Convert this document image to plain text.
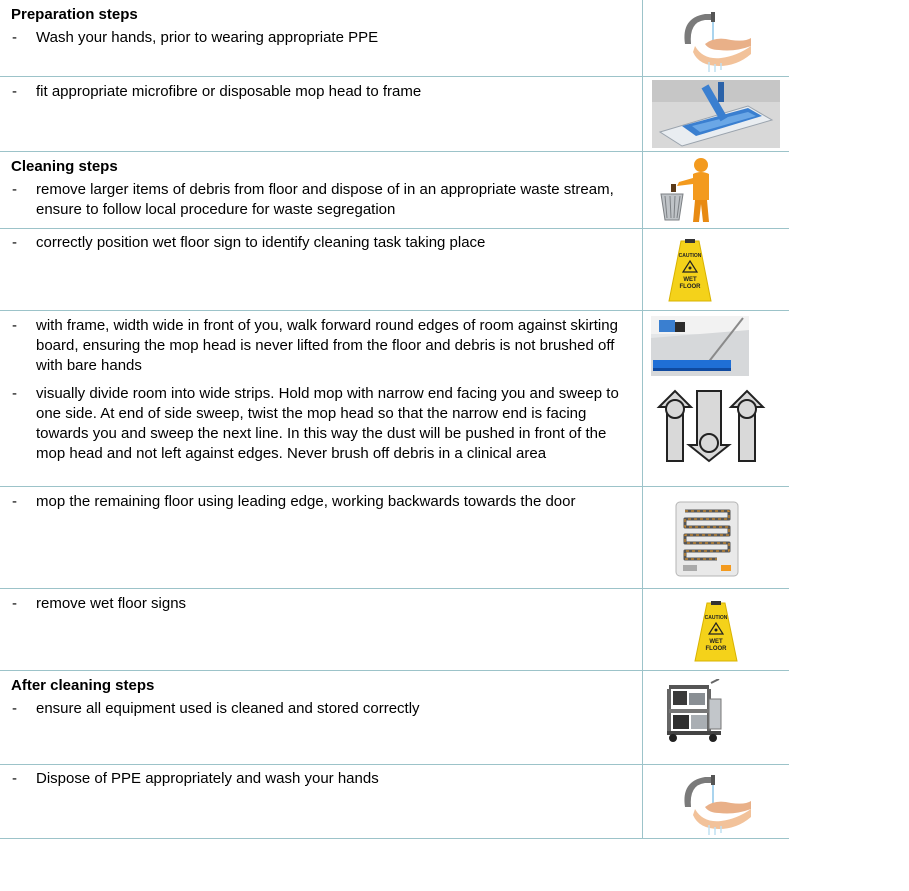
Preparation steps
- Wash your hands, prior to wearing appropriate PPE
- fit appropriate microfibre or disposable mop head to frame
Cleaning steps
- remove larger items of debris from floor and dispose of in an appropriate waste stream, ensure to follow local procedure for waste segregation
- correctly position wet floor sign to identify cleaning task taking place
CAUTION
WET
FLOOR
- with frame, width wide in front of you, walk forward round edges of room against skirting board, ensuring the mop head is never lifted from the floor and debris is not brushed off with bare hands
- visually divide room into wide strips. Hold mop with narrow end facing you and sweep to one side. At end of side sweep, twist the mop head so that the narrow end is facing towards you and sweep the next line. In this way the dust will be pushed in front of the mop head and not left against edges. Never brush off debris in a clinical area
- mop the remaining floor using leading edge, working backwards towards the door
- remove wet floor signs
CAUTION
WET
FLOOR
After cleaning steps
- ensure all equipment used is cleaned and stored correctly
- Dispose of PPE appropriately and wash your hands
